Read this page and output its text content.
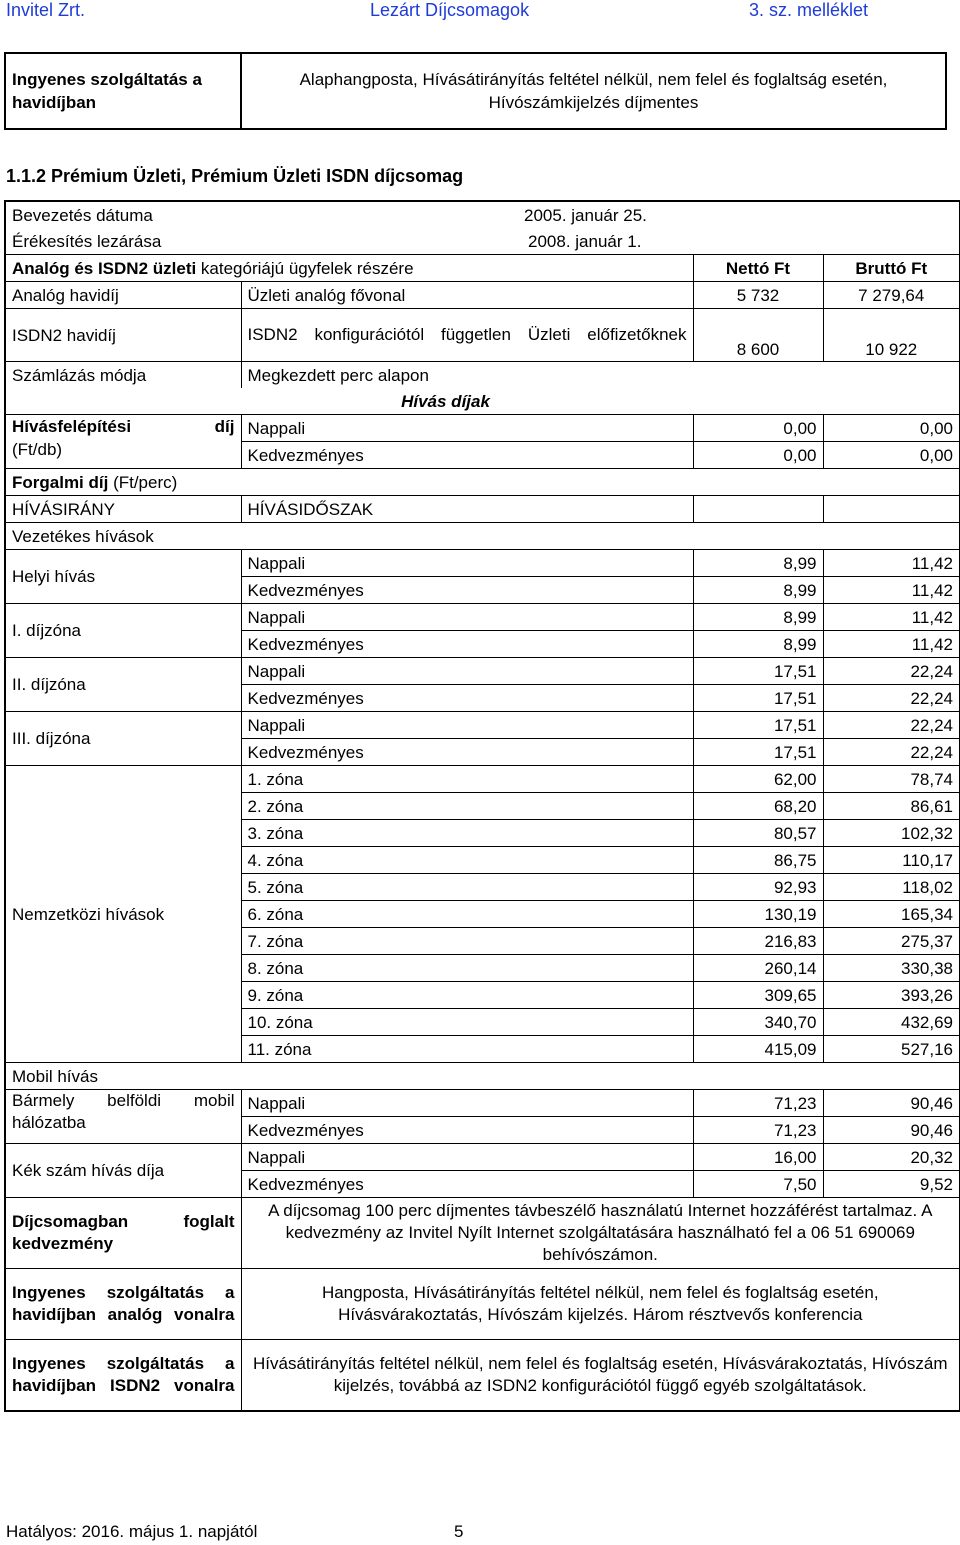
Invitel Zrt.	Lezárt Díjcsomagok	3. sz. melléklet
Ingyenes szolgáltatás a havidíjban	Alaphangposta, Hívásátirányítás feltétel nélkül, nem felel és foglaltság esetén, Hívószámkijelzés díjmentes
1.1.2 Prémium Üzleti, Prémium Üzleti ISDN díjcsomag
Bevezetés dátuma	2005. január 25.		
Érékesítés lezárása	2008. január 1.		
Analóg és ISDN2 üzleti kategóriájú ügyfelek részére		Nettó Ft	Bruttó Ft
Analóg havidíj	Üzleti analóg fővonal	5 732	7 279,64
ISDN2 havidíj	ISDN2 konfigurációtól független Üzleti előfizetőknek	8 600	10 922
Számlázás módja	Megkezdett perc alapon		
Hívás díjak			

Hívásfelépítési díj
(Ft/db)	Nappali	0,00	0,00
	Kedvezményes	0,00	0,00
Forgalmi díj (Ft/perc)			
HÍVÁSIRÁNY	HÍVÁSIDŐSZAK		
Vezetékes hívások			
Helyi hívás	Nappali	8,99	11,42
	Kedvezményes	8,99	11,42
I. díjzóna	Nappali	8,99	11,42
	Kedvezményes	8,99	11,42
II. díjzóna	Nappali	17,51	22,24
	Kedvezményes	17,51	22,24
III. díjzóna	Nappali	17,51	22,24
	Kedvezményes	17,51	22,24
Nemzetközi hívások	1. zóna	62,00	78,74
	2. zóna	68,20	86,61
	3. zóna	80,57	102,32
	4. zóna	86,75	110,17
	5. zóna	92,93	118,02
	6. zóna	130,19	165,34
	7. zóna	216,83	275,37
	8. zóna	260,14	330,38
	9. zóna	309,65	393,26
	10. zóna	340,70	432,69
	11. zóna	415,09	527,16
Mobil hívás			
Bármely belföldi mobil hálózatba	Nappali	71,23	90,46
	Kedvezményes	71,23	90,46
Kék szám hívás díja	Nappali	16,00	20,32
	Kedvezményes	7,50	9,52
Díjcsomagban foglalt kedvezmény	A díjcsomag 100 perc díjmentes távbeszélő használatú Internet hozzáférést tartalmaz. A kedvezmény az Invitel Nyílt Internet szolgáltatására használható fel a 06 51 690069 behívószámon.		
Ingyenes szolgáltatás a havidíjban analóg vonalra	Hangposta, Hívásátirányítás feltétel nélkül, nem felel és foglaltság esetén, Hívásvárakoztatás, Hívószám kijelzés. Három résztvevős konferencia		
Ingyenes szolgáltatás a havidíjban ISDN2 vonalra	Hívásátirányítás feltétel nélkül, nem felel és foglaltság esetén, Hívásvárakoztatás, Hívószám kijelzés, továbbá az ISDN2 konfigurációtól függő egyéb szolgáltatások.		
Hatályos: 2016. május 1. napjától	5
